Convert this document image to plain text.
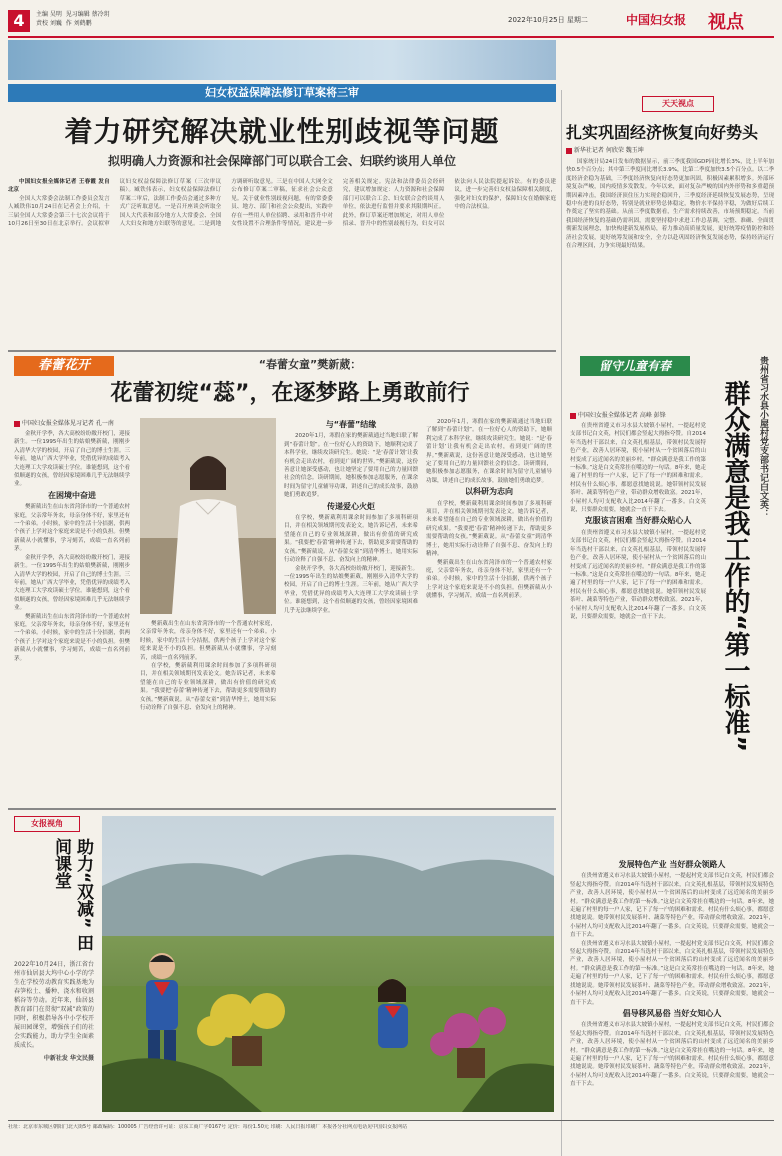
4	主编 吴明 见习编辑 蔡冷玥
责校 刘巍 作 刘鹤鹏	2022年10月25日 星期二	中国妇女报 视点
妇女权益保障法修订草案将三审
着力研究解决就业性别歧视等问题
拟明确人力资源和社会保障部门可以联合工会、妇联约谈用人单位

中国妇女报全媒体记者 王春霞 发自北京

全国人大常委会法制工作委员会发言人臧铁伟10月24日在记者会上介绍，十三届全国人大常委会第三十七次会议将于10月26日至30日在北京举行。会议拟审议妇女权益保障法修订草案（三次审议稿）。臧铁伟表示，妇女权益保障法修订草案二审后，法制工作委员会通过多种方式广泛听取意见。一是召开座谈会听取全国人大代表和部分地方人大常委会、全国人大妇女和地方妇联等的意见。二是到地方调研听取意见。三是在中国人大网全文公布修订草案二审稿，征求社会公众意见。关于就业性别歧视问题，有的常委委员、地方、部门和社会公众提出，实践中存在一些用人单位招聘、录用和晋升中对女性设置不合理条件等情况，建议进一步完善相关规定。宪法和法律委员会经研究，建议增加规定：人力资源和社会保障部门可以联合工会、妇女联合会约谈用人单位，依法进行监督并要求其限期纠正。此外，修订草案还增加规定，对用人单位招录、晋升中的性别歧视行为，妇女可以依法向人民法院提起诉讼。有的委员建议，进一步完善妇女权益保障相关制度，强化对妇女的保护，保障妇女在婚姻家庭中的合法权益。

天天视点
扎实巩固经济恢复向好势头
新华社记者 何欣荣 魏玉坤
国家统计局24日发布的数据显示，前三季度我国GDP同比增长3%，比上半年加快0.5个百分点；其中第三季度同比增长3.9%，比第二季度加快3.5个百分点。以二季度经济企稳为基础，三季度经济恢复向好态势更加巩固，积极因素累积增多。外部环境复杂严峻，国内疫情多发散发。今年以来，面对复杂严峻的国内外形势和多重超预期因素冲击，我国经济顶住压力实现企稳回升，三季度经济延续恢复发展态势，呈现稳中有进的良好态势，特别是就业形势总体稳定，物价水平保持平稳，为做好后续工作奠定了坚实的基础。从前三季度数据看，生产需求持续改善，市场预期稳定。当前我国经济恢复的基础仍需巩固，需要坚持稳中求进工作总基调，完整、准确、全面贯彻新发展理念，加快构建新发展格局，着力推动高质量发展，更好统筹疫情防控和经济社会发展，更好统筹发展和安全，全力以赴巩固经济恢复发展态势，保持经济运行在合理区间，力争实现最好结果。
春蕾花开	“春蕾女童”樊新葳：
花蕾初绽“蕊”，在逐梦路上勇敢前行
中国妇女报全媒体见习记者 孔一南

金秋开学季，各大高校纷纷敞开校门，迎接新生。一位1995年出生的姑娘樊新葳，刚刚步入清华大学的校园，开启了自己的博士生涯。三年前，她从广西大学毕业，凭借优异的成绩考入大连理工大学攻读硕士学位。谁能想到，这个看似顺遂的女孩，曾经因家境困难几乎无法继续学业。

在困境中奋进

樊新葳出生在山东省菏泽市的一个普通农村家庭，父亲常年务农，母亲身体不好，家里还有一个弟弟。小时候，家中的生活十分拮据，供两个孩子上学对这个家庭来说是不小的负担。但樊新葳从小就懂事，学习刻苦，成绩一直名列前茅。

金秋开学季，各大高校纷纷敞开校门，迎接新生。一位1995年出生的姑娘樊新葳，刚刚步入清华大学的校园，开启了自己的博士生涯。三年前，她从广西大学毕业，凭借优异的成绩考入大连理工大学攻读硕士学位。谁能想到，这个看似顺遂的女孩，曾经因家境困难几乎无法继续学业。

樊新葳出生在山东省菏泽市的一个普通农村家庭，父亲常年务农，母亲身体不好，家里还有一个弟弟。小时候，家中的生活十分拮据，供两个孩子上学对这个家庭来说是不小的负担。但樊新葳从小就懂事，学习刻苦，成绩一直名列前茅。

樊新葳出生在山东省菏泽市的一个普通农村家庭，父亲常年务农，母亲身体不好，家里还有一个弟弟。小时候，家中的生活十分拮据，供两个孩子上学对这个家庭来说是不小的负担。但樊新葳从小就懂事，学习刻苦，成绩一直名列前茅。

在学校，樊新葳利用课余时间参加了多项科研项目，并在相关领域期刊发表论文。她告诉记者，未来希望能在自己的专业领域深耕，做出有价值的研究成果。“我要把‘春蕾’精神传递下去，帮助更多需要帮助的女孩。”樊新葳说。从“春蕾女童”到清华博士，她用实际行动诠释了自强不息、奋发向上的精神。

与“春蕾”结缘

2020年1月，寒假在家的樊新葳通过当地妇联了解到“春蕾计划”。在一位好心人的资助下，她顺利完成了本科学业，继续攻读研究生。她说：“是‘春蕾计划’让我有机会走出农村，看到更广阔的世界。”樊新葳说，这份善意让她深受感动，也让她坚定了要用自己的力量回馈社会的信念。读研期间，她积极参加志愿服务，在课余时间为留守儿童辅导功课，讲述自己的成长故事，鼓励她们勇敢追梦。

传递爱心火炬

在学校，樊新葳利用课余时间参加了多项科研项目，并在相关领域期刊发表论文。她告诉记者，未来希望能在自己的专业领域深耕，做出有价值的研究成果。“我要把‘春蕾’精神传递下去，帮助更多需要帮助的女孩。”樊新葳说。从“春蕾女童”到清华博士，她用实际行动诠释了自强不息、奋发向上的精神。

金秋开学季，各大高校纷纷敞开校门，迎接新生。一位1995年出生的姑娘樊新葳，刚刚步入清华大学的校园，开启了自己的博士生涯。三年前，她从广西大学毕业，凭借优异的成绩考入大连理工大学攻读硕士学位。谁能想到，这个看似顺遂的女孩，曾经因家境困难几乎无法继续学业。

2020年1月，寒假在家的樊新葳通过当地妇联了解到“春蕾计划”。在一位好心人的资助下，她顺利完成了本科学业，继续攻读研究生。她说：“是‘春蕾计划’让我有机会走出农村，看到更广阔的世界。”樊新葳说，这份善意让她深受感动，也让她坚定了要用自己的力量回馈社会的信念。读研期间，她积极参加志愿服务，在课余时间为留守儿童辅导功课，讲述自己的成长故事，鼓励她们勇敢追梦。

以科研为志向

在学校，樊新葳利用课余时间参加了多项科研项目，并在相关领域期刊发表论文。她告诉记者，未来希望能在自己的专业领域深耕，做出有价值的研究成果。“我要把‘春蕾’精神传递下去，帮助更多需要帮助的女孩。”樊新葳说。从“春蕾女童”到清华博士，她用实际行动诠释了自强不息、奋发向上的精神。

樊新葳出生在山东省菏泽市的一个普通农村家庭，父亲常年务农，母亲身体不好，家里还有一个弟弟。小时候，家中的生活十分拮据，供两个孩子上学对这个家庭来说是不小的负担。但樊新葳从小就懂事，学习刻苦，成绩一直名列前茅。

留守儿童有春	贵州省习水县小屋村党支部书记白文英：
群众满意是我工作的“第一标准”
中国妇女报全媒体记者 高峰 彭锋

在贵州省遵义市习水县大坡镇小屋村，一提起村党支部书记白文英，村民们都会竖起大拇指夸赞。自2014年当选村干部以来，白文英扎根基层，带领村民发展特色产业，改善人居环境，使小屋村从一个贫困落后的山村变成了远近闻名的美丽乡村。“群众满意是我工作的第一标准。”这是白文英常挂在嘴边的一句话。8年来，她走遍了村里的每一户人家，记下了每一户的困难和需求。村民有什么烦心事，都愿意找她说说。她带领村民发展茶叶、蔬菜等特色产业，带动群众增收致富。2021年，小屋村人均可支配收入比2014年翻了一番多。白文英说，只要群众需要，她就会一直干下去。

克服该言困难 当好群众贴心人

在贵州省遵义市习水县大坡镇小屋村，一提起村党支部书记白文英，村民们都会竖起大拇指夸赞。自2014年当选村干部以来，白文英扎根基层，带领村民发展特色产业，改善人居环境，使小屋村从一个贫困落后的山村变成了远近闻名的美丽乡村。“群众满意是我工作的第一标准。”这是白文英常挂在嘴边的一句话。8年来，她走遍了村里的每一户人家，记下了每一户的困难和需求。村民有什么烦心事，都愿意找她说说。她带领村民发展茶叶、蔬菜等特色产业，带动群众增收致富。2021年，小屋村人均可支配收入比2014年翻了一番多。白文英说，只要群众需要，她就会一直干下去。

发展特色产业 当好群众领路人

在贵州省遵义市习水县大坡镇小屋村，一提起村党支部书记白文英，村民们都会竖起大拇指夸赞。自2014年当选村干部以来，白文英扎根基层，带领村民发展特色产业，改善人居环境，使小屋村从一个贫困落后的山村变成了远近闻名的美丽乡村。“群众满意是我工作的第一标准。”这是白文英常挂在嘴边的一句话。8年来，她走遍了村里的每一户人家，记下了每一户的困难和需求。村民有什么烦心事，都愿意找她说说。她带领村民发展茶叶、蔬菜等特色产业，带动群众增收致富。2021年，小屋村人均可支配收入比2014年翻了一番多。白文英说，只要群众需要，她就会一直干下去。

在贵州省遵义市习水县大坡镇小屋村，一提起村党支部书记白文英，村民们都会竖起大拇指夸赞。自2014年当选村干部以来，白文英扎根基层，带领村民发展特色产业，改善人居环境，使小屋村从一个贫困落后的山村变成了远近闻名的美丽乡村。“群众满意是我工作的第一标准。”这是白文英常挂在嘴边的一句话。8年来，她走遍了村里的每一户人家，记下了每一户的困难和需求。村民有什么烦心事，都愿意找她说说。她带领村民发展茶叶、蔬菜等特色产业，带动群众增收致富。2021年，小屋村人均可支配收入比2014年翻了一番多。白文英说，只要群众需要，她就会一直干下去。

倡导移风易俗 当好女知心人

在贵州省遵义市习水县大坡镇小屋村，一提起村党支部书记白文英，村民们都会竖起大拇指夸赞。自2014年当选村干部以来，白文英扎根基层，带领村民发展特色产业，改善人居环境，使小屋村从一个贫困落后的山村变成了远近闻名的美丽乡村。“群众满意是我工作的第一标准。”这是白文英常挂在嘴边的一句话。8年来，她走遍了村里的每一户人家，记下了每一户的困难和需求。村民有什么烦心事，都愿意找她说说。她带领村民发展茶叶、蔬菜等特色产业，带动群众增收致富。2021年，小屋村人均可支配收入比2014年翻了一番多。白文英说，只要群众需要，她就会一直干下去。

女报视角
助力“双减” 田间课堂

2022年10月24日，浙江省台州市仙居县大坞中心小学的学生在学校劳动教育实践基地为春笋松土、播种、浇水和收割稻谷等劳动。近年来，仙居县教育部门在贯彻“双减”政策的同时，积极指导各中小学校开展田园课堂，增强孩子们的社会实践能力，助力学生全面素质成长。

中新社发 华文民摄

社址：北京市东城区朝阳门北大街5号 邮政编码：100005 广告经营许可证：京东工商广字0167号 定价：每份1.50元 印刷：人民日报印刷厂 本报各分社网点电话见中国妇女报网站
